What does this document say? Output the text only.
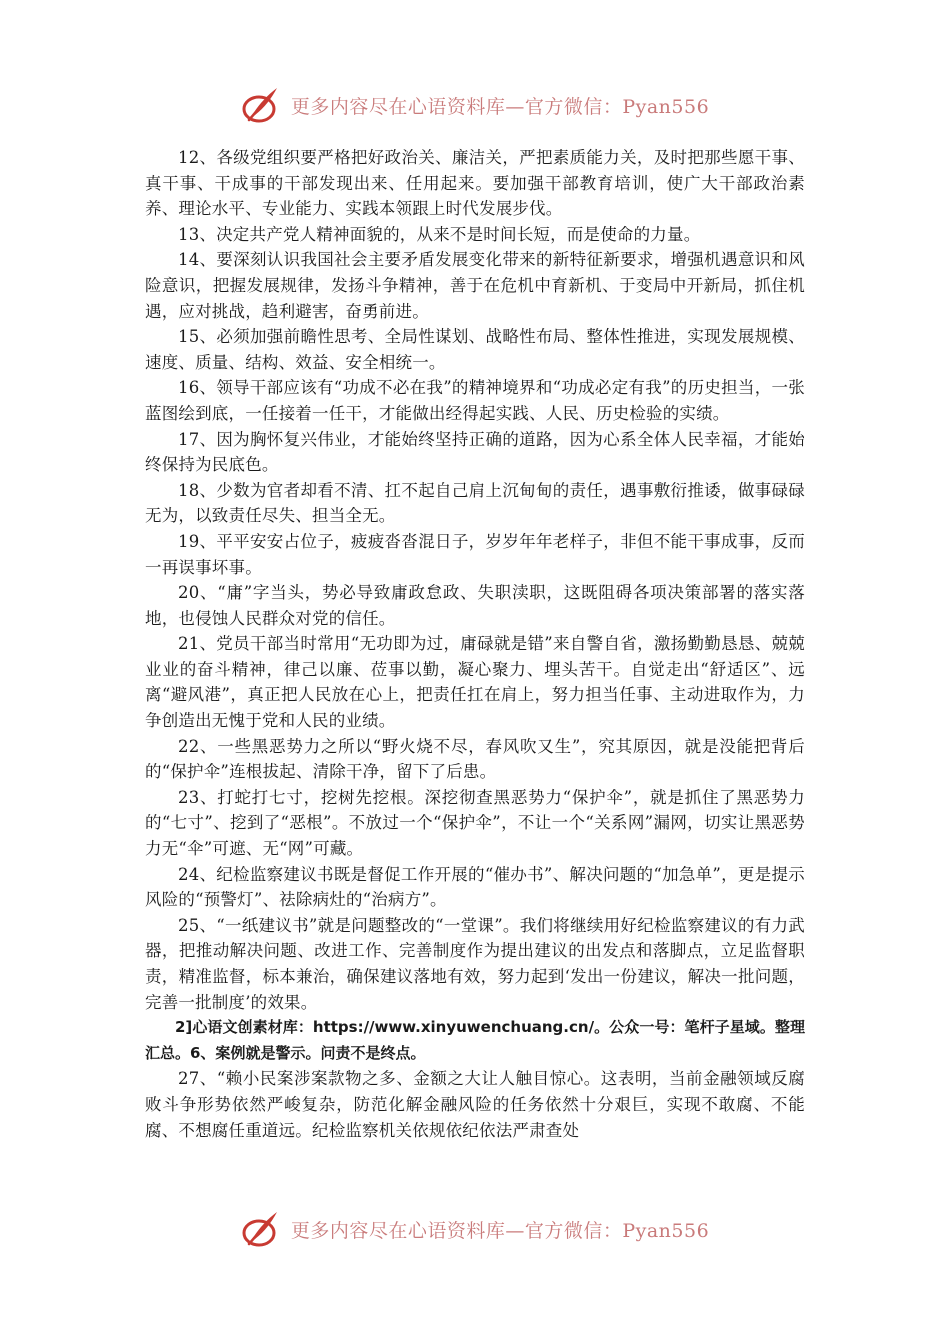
更多内容尽在心语资料库—官方微信：Pyan556

12、各级党组织要严格把好政治关、廉洁关，严把素质能力关，及时把那些愿干事、真干事、干成事的干部发现出来、任用起来。要加强干部教育培训，使广大干部政治素养、理论水平、专业能力、实践本领跟上时代发展步伐。

13、决定共产党人精神面貌的，从来不是时间长短，而是使命的力量。

14、要深刻认识我国社会主要矛盾发展变化带来的新特征新要求，增强机遇意识和风险意识，把握发展规律，发扬斗争精神，善于在危机中育新机、于变局中开新局，抓住机遇，应对挑战，趋利避害，奋勇前进。

15、必须加强前瞻性思考、全局性谋划、战略性布局、整体性推进，实现发展规模、速度、质量、结构、效益、安全相统一。

16、领导干部应该有“功成不必在我”的精神境界和“功成必定有我”的历史担当，一张蓝图绘到底，一任接着一任干，才能做出经得起实践、人民、历史检验的实绩。

17、因为胸怀复兴伟业，才能始终坚持正确的道路，因为心系全体人民幸福，才能始终保持为民底色。

18、少数为官者却看不清、扛不起自己肩上沉甸甸的责任，遇事敷衍推诿，做事碌碌无为，以致责任尽失、担当全无。

19、平平安安占位子，疲疲沓沓混日子，岁岁年年老样子，非但不能干事成事，反而一再误事坏事。

20、“庸”字当头，势必导致庸政怠政、失职渎职，这既阻碍各项决策部署的落实落地，也侵蚀人民群众对党的信任。

21、党员干部当时常用“无功即为过，庸碌就是错”来自警自省，激扬勤勤恳恳、兢兢业业的奋斗精神，律己以廉、莅事以勤，凝心聚力、埋头苦干。自觉走出“舒适区”、远离“避风港”，真正把人民放在心上，把责任扛在肩上，努力担当任事、主动进取作为，力争创造出无愧于党和人民的业绩。

22、一些黑恶势力之所以“野火烧不尽，春风吹又生”，究其原因，就是没能把背后的“保护伞”连根拔起、清除干净，留下了后患。

23、打蛇打七寸，挖树先挖根。深挖彻查黑恶势力“保护伞”，就是抓住了黑恶势力的“七寸”、挖到了“恶根”。不放过一个“保护伞”，不让一个“关系网”漏网，切实让黑恶势力无“伞”可遮、无“网”可藏。

24、纪检监察建议书既是督促工作开展的“催办书”、解决问题的“加急单”，更是提示风险的“预警灯”、祛除病灶的“治病方”。

25、“一纸建议书”就是问题整改的“一堂课”。我们将继续用好纪检监察建议的有力武器，把推动解决问题、改进工作、完善制度作为提出建议的出发点和落脚点，立足监督职责，精准监督，标本兼治，确保建议落地有效，努力起到‘发出一份建议，解决一批问题，完善一批制度’的效果。

2]心语文创素材库：https://www.xinyuwenchuang.cn/。公众一号：笔杆子星域。整理汇总。6、案例就是警示。问责不是终点。

27、“赖小民案涉案款物之多、金额之大让人触目惊心。这表明，当前金融领域反腐败斗争形势依然严峻复杂，防范化解金融风险的任务依然十分艰巨，实现不敢腐、不能腐、不想腐任重道远。纪检监察机关依规依纪依法严肃查处

更多内容尽在心语资料库—官方微信：Pyan556
